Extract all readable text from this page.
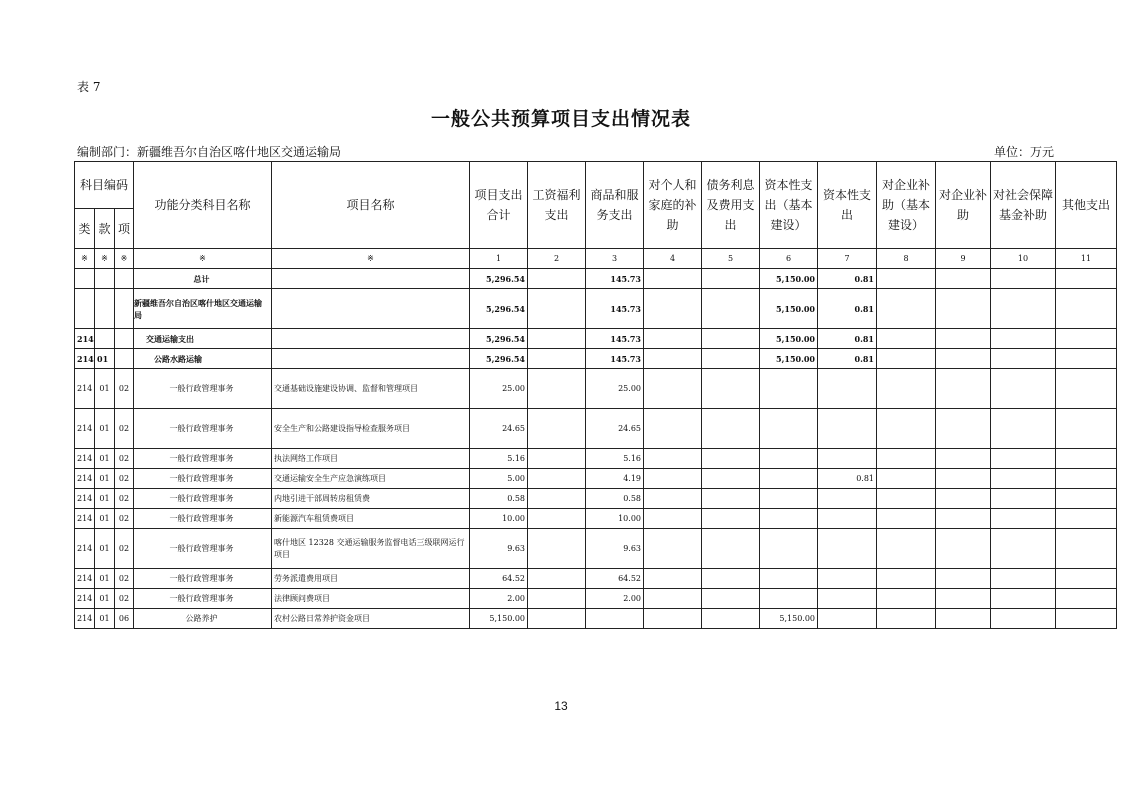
表 7
一般公共预算项目支出情况表
编制部门：新疆维吾尔自治区喀什地区交通运输局	单位：万元
科目编码			功能分类科目名称	项目名称	项目支出合计	工资福利支出	商品和服务支出	对个人和家庭的补助	债务利息及费用支出	资本性支出（基本建设）	资本性支出	对企业补助（基本建设）	对企业补助	对社会保障基金补助	其他支出
类	款	项													
※	※	※	※	※	1	2	3	4	5	6	7	8	9	10	11
			总计		5,296.54		145.73			5,150.00	0.81				
			新疆维吾尔自治区喀什地区交通运输局		5,296.54		145.73			5,150.00	0.81				
214			交通运输支出		5,296.54		145.73			5,150.00	0.81				
214	01		公路水路运输		5,296.54		145.73			5,150.00	0.81				
214	01	02	一般行政管理事务	交通基础设施建设协调、监督和管理项目	25.00		25.00								
214	01	02	一般行政管理事务	安全生产和公路建设指导检查服务项目	24.65		24.65								
214	01	02	一般行政管理事务	执法网络工作项目	5.16		5.16								
214	01	02	一般行政管理事务	交通运输安全生产应急演练项目	5.00		4.19				0.81				
214	01	02	一般行政管理事务	内地引进干部周转房租赁费	0.58		0.58								
214	01	02	一般行政管理事务	新能源汽车租赁费项目	10.00		10.00								
214	01	02	一般行政管理事务	喀什地区 12328 交通运输服务监督电话三级联网运行项目	9.63		9.63								
214	01	02	一般行政管理事务	劳务派遣费用项目	64.52		64.52								
214	01	02	一般行政管理事务	法律顾问费项目	2.00		2.00								
214	01	06	公路养护	农村公路日常养护资金项目	5,150.00					5,150.00					
13
